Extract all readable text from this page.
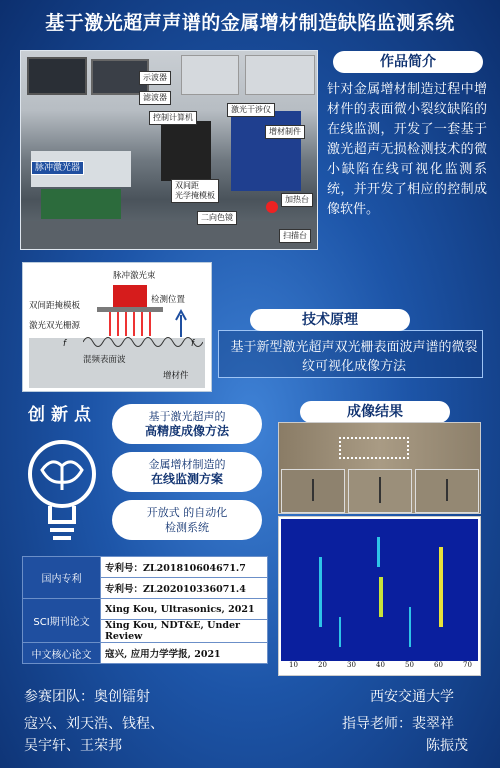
基于激光超声声谱的金属增材制造缺陷监测系统
示波器
滤波器
控制计算机
激光干涉仪
增材制件
脉冲激光器
双间距
光学掩模板
二向色镜
加热台
扫描台
作品简介
针对金属增材制造过程中增材件的表面微小裂纹缺陷的在线监测，开发了一套基于激光超声无损检测技术的微小缺陷在线可视化监测系统，并开发了相应的控制成像软件。
脉冲激光束
双间距掩模板
检测位置
激光双光栅源
f	f
混频表面波
增材件
技术原理
基于新型激光超声双光栅表面波声谱的微裂纹可视化成像方法
创新点	基于激光超声的
高精度成像方法
金属增材制造的
在线监测方案
开放式 的自动化
检测系统
成像结果
10	20	30	40	50	60	70
国内专利	专利号：ZL201810604671.7
	专利号：ZL202010336071.4
SCI期刊论文	Xing Kou, Ultrasonics, 2021
	Xing Kou, NDT&E, Under Review
中文核心论文	寇兴, 应用力学学报, 2021
参赛团队：奥创镭射
寇兴、刘天浩、钱程、
吴宇轩、王荣邦
西安交通大学
指导老师：裴翠祥
陈振茂
